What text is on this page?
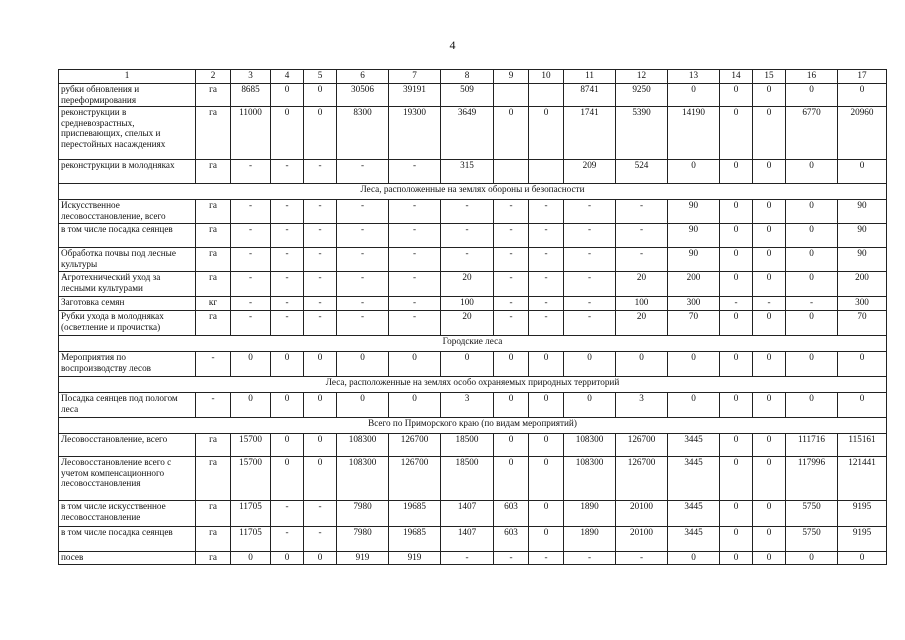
4
1	2	3	4	5	6	7	8	9	10	11	12	13	14	15	16	17
рубки обновления и переформирования	га	8685	0	0	30506	39191	509			8741	9250	0	0	0	0	0
реконструкции в средневозрастных, приспевающих, спелых и перестойных насаждениях	га	11000	0	0	8300	19300	3649	0	0	1741	5390	14190	0	0	6770	20960
реконструкции в молодняках	га	-	-	-	-	-	315			209	524	0	0	0	0	0
Леса, расположенные на землях обороны и безопасности																
Искусственное лесовосстановление, всего	га	-	-	-	-	-	-	-	-	-	-	90	0	0	0	90
в том числе посадка сеянцев	га	-	-	-	-	-	-	-	-	-	-	90	0	0	0	90
Обработка почвы под лесные культуры	га	-	-	-	-	-	-	-	-	-	-	90	0	0	0	90
Агротехнический уход за лесными культурами	га	-	-	-	-	-	20	-	-	-	20	200	0	0	0	200
Заготовка семян	кг	-	-	-	-	-	100	-	-	-	100	300	-	-	-	300
Рубки ухода в молодняках (осветление и прочистка)	га	-	-	-	-	-	20	-	-	-	20	70	0	0	0	70
Городские леса																
Мероприятия по воспроизводству лесов	-	0	0	0	0	0	0	0	0	0	0	0	0	0	0	0
Леса, расположенные на землях особо охраняемых природных территорий																
Посадка сеянцев под пологом леса	-	0	0	0	0	0	3	0	0	0	3	0	0	0	0	0
Всего по Приморского краю (по видам мероприятий)																
Лесовосстановление, всего	га	15700	0	0	108300	126700	18500	0	0	108300	126700	3445	0	0	111716	115161
Лесовосстановление всего с учетом компенсационного лесовосстановления	га	15700	0	0	108300	126700	18500	0	0	108300	126700	3445	0	0	117996	121441
в том числе искусственное лесовосстановление	га	11705	-	-	7980	19685	1407	603	0	1890	20100	3445	0	0	5750	9195
в том числе посадка сеянцев	га	11705	-	-	7980	19685	1407	603	0	1890	20100	3445	0	0	5750	9195
посев	га	0	0	0	919	919	-	-	-	-	-	0	0	0	0	0
